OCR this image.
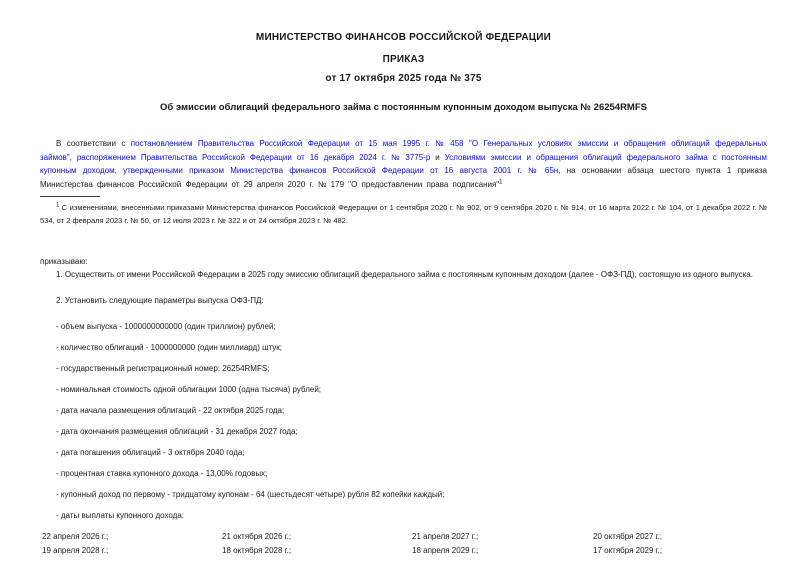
МИНИСТЕРСТВО ФИНАНСОВ РОССИЙСКОЙ ФЕДЕРАЦИИ
ПРИКАЗ
от 17 октября 2025 года № 375
Об эмиссии облигаций федерального займа с постоянным купонным доходом выпуска № 26254RMFS
В соответствии с постановлением Правительства Российской Федерации от 15 мая 1995 г. № 458 "О Генеральных условиях эмиссии и обращения облигаций федеральных займов", распоряжением Правительства Российской Федерации от 16 декабря 2024 г. № 3775-р и Условиями эмиссии и обращения облигаций федерального займа с постоянным купонным доходом, утвержденными приказом Министерства финансов Российской Федерации от 16 августа 2001 г. № 65н, на основании абзаца шестого пункта 1 приказа Министерства финансов Российской Федерации от 29 апреля 2020 г. № 179 "О предоставлении права подписания"$^1$
$^1$ С изменениями, внесенными приказами Министерства финансов Российской Федерации от 1 сентября 2020 г. № 902, от 9 сентября 2020 г. № 914, от 16 марта 2022 г. № 104, от 1 декабря 2022 г. № 534, от 2 февраля 2023 г. № 50, от 12 июля 2023 г. № 322 и от 24 октября 2023 г. № 482.
приказываю:
1. Осуществить от имени Российской Федерации в 2025 году эмиссию облигаций федерального займа с постоянным купонным доходом (далее - ОФЗ-ПД), состоящую из одного выпуска.
2. Установить следующие параметры выпуска ОФЗ-ПД:
- объем выпуска - 1000000000000 (один триллион) рублей;
- количество облигаций - 1000000000 (один миллиард) штук;
- государственный регистрационный номер: 26254RMFS;
- номинальная стоимость одной облигации 1000 (одна тысяча) рублей;
- дата начала размещения облигаций - 22 октября 2025 года;
- дата окончания размещения облигаций - 31 декабря 2027 года;
- дата погашения облигаций - 3 октября 2040 года;
- процентная ставка купонного дохода - 13,00% годовых;
- купонный доход по первому - тридцатому купонам - 64 (шестьдесят четыре) рубля 82 копейки каждый;
- даты выплаты купонного дохода:
22 апреля 2026 г.;	21 октября 2026 г.;	21 апреля 2027 г.;	20 октября 2027 г.;
19 апреля 2028 г.;	18 октября 2028 г.;	18 апреля 2029 г.;	17 октября 2029 г.;
